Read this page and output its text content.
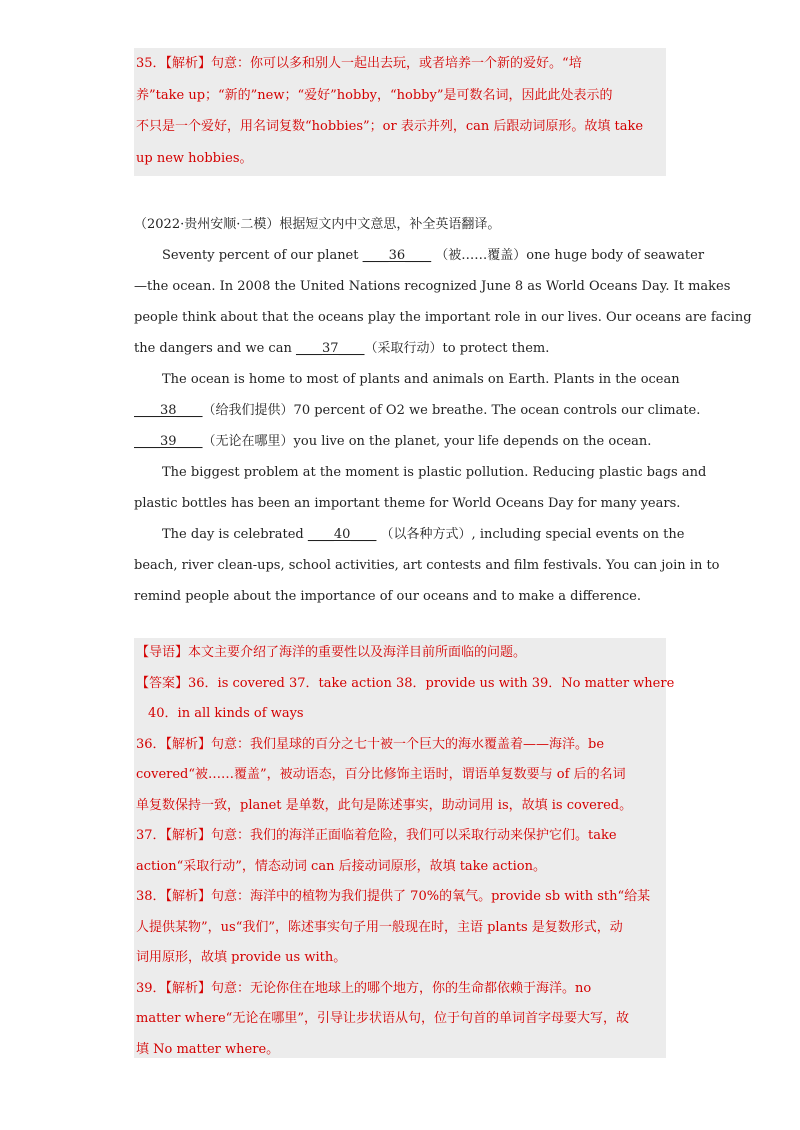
35．【解析】句意：你可以多和别人一起出去玩，或者培养一个新的爱好。“培
养”take up；“新的”new；“爱好”hobby，“hobby”是可数名词，因此此处表示的
不只是一个爱好，用名词复数“hobbies”；or 表示并列，can 后跟动词原形。故填 take
up new hobbies。
（2022·贵州安顺·二模）根据短文内中文意思，补全英语翻译。
Seventy percent of our planet ____36____ （被……覆盖）one huge body of seawater
—the ocean. In 2008 the United Nations recognized June 8 as World Oceans Day. It makes
people think about that the oceans play the important role in our lives. Our oceans are facing
the dangers and we can ____37____（采取行动）to protect them.
The ocean is home to most of plants and animals on Earth. Plants in the ocean
____38____（给我们提供）70 percent of O2 we breathe. The ocean controls our climate.
____39____（无论在哪里）you live on the planet, your life depends on the ocean.
The biggest problem at the moment is plastic pollution. Reducing plastic bags and
plastic bottles has been an important theme for World Oceans Day for many years.
The day is celebrated ____40____ （以各种方式）, including special events on the
beach, river clean-ups, school activities, art contests and film festivals. You can join in to
remind people about the importance of our oceans and to make a difference.
【导语】本文主要介绍了海洋的重要性以及海洋目前所面临的问题。
【答案】36．is covered 37．take action 38．provide us with 39．No matter where
40．in all kinds of ways
36．【解析】句意：我们星球的百分之七十被一个巨大的海水覆盖着——海洋。be
covered“被……覆盖”，被动语态，百分比修饰主语时，谓语单复数要与 of 后的名词
单复数保持一致，planet 是单数，此句是陈述事实，助动词用 is，故填 is covered。
37．【解析】句意：我们的海洋正面临着危险，我们可以采取行动来保护它们。take
action“采取行动”，情态动词 can 后接动词原形，故填 take action。
38．【解析】句意：海洋中的植物为我们提供了 70%的氧气。provide sb with sth“给某
人提供某物”，us“我们”，陈述事实句子用一般现在时，主语 plants 是复数形式，动
词用原形，故填 provide us with。
39．【解析】句意：无论你住在地球上的哪个地方，你的生命都依赖于海洋。no
matter where“无论在哪里”，引导让步状语从句，位于句首的单词首字母要大写，故
填 No matter where。
